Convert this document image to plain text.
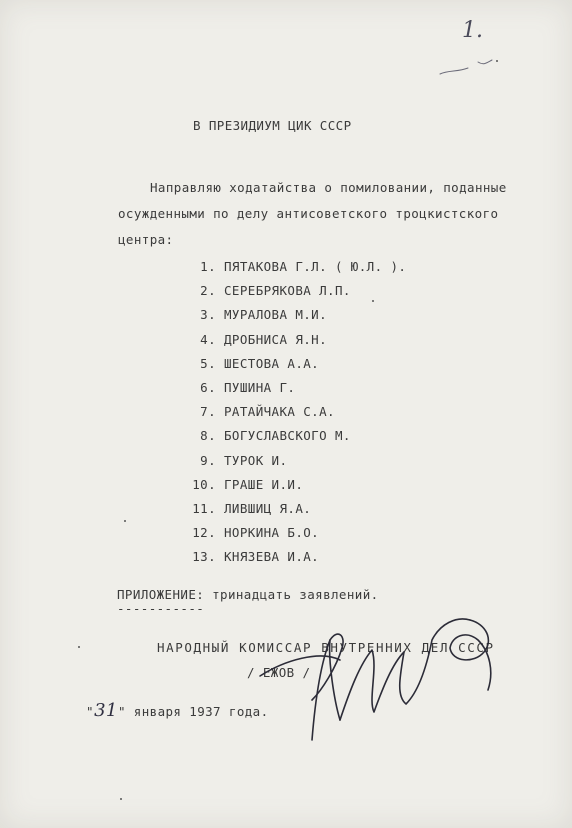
1.
В ПРЕЗИДИУМ ЦИК СССР
Направляю ходатайства о помиловании, поданные
осужденными по делу антисоветского троцкистского
центра:
1. ПЯТАКОВА Г.Л. ( Ю.Л. ).
2. СЕРЕБРЯКОВА Л.П.
3. МУРАЛОВА М.И.
4. ДРОБНИСА Я.Н.
5. ШЕСТОВА А.А.
6. ПУШИНА Г.
7. РАТАЙЧАКА С.А.
8. БОГУСЛАВСКОГО М.
9. ТУРОК И.
10. ГРАШЕ И.И.
11. ЛИВШИЦ Я.А.
12. НОРКИНА Б.О.
13. КНЯЗЕВА И.А.
ПРИЛОЖЕНИЕ: тринадцать заявлений.
-----------
НАРОДНЫЙ КОМИССАР ВНУТРЕННИХ ДЕЛ СССР
/ ЕЖОВ /
"31" января 1937 года.
